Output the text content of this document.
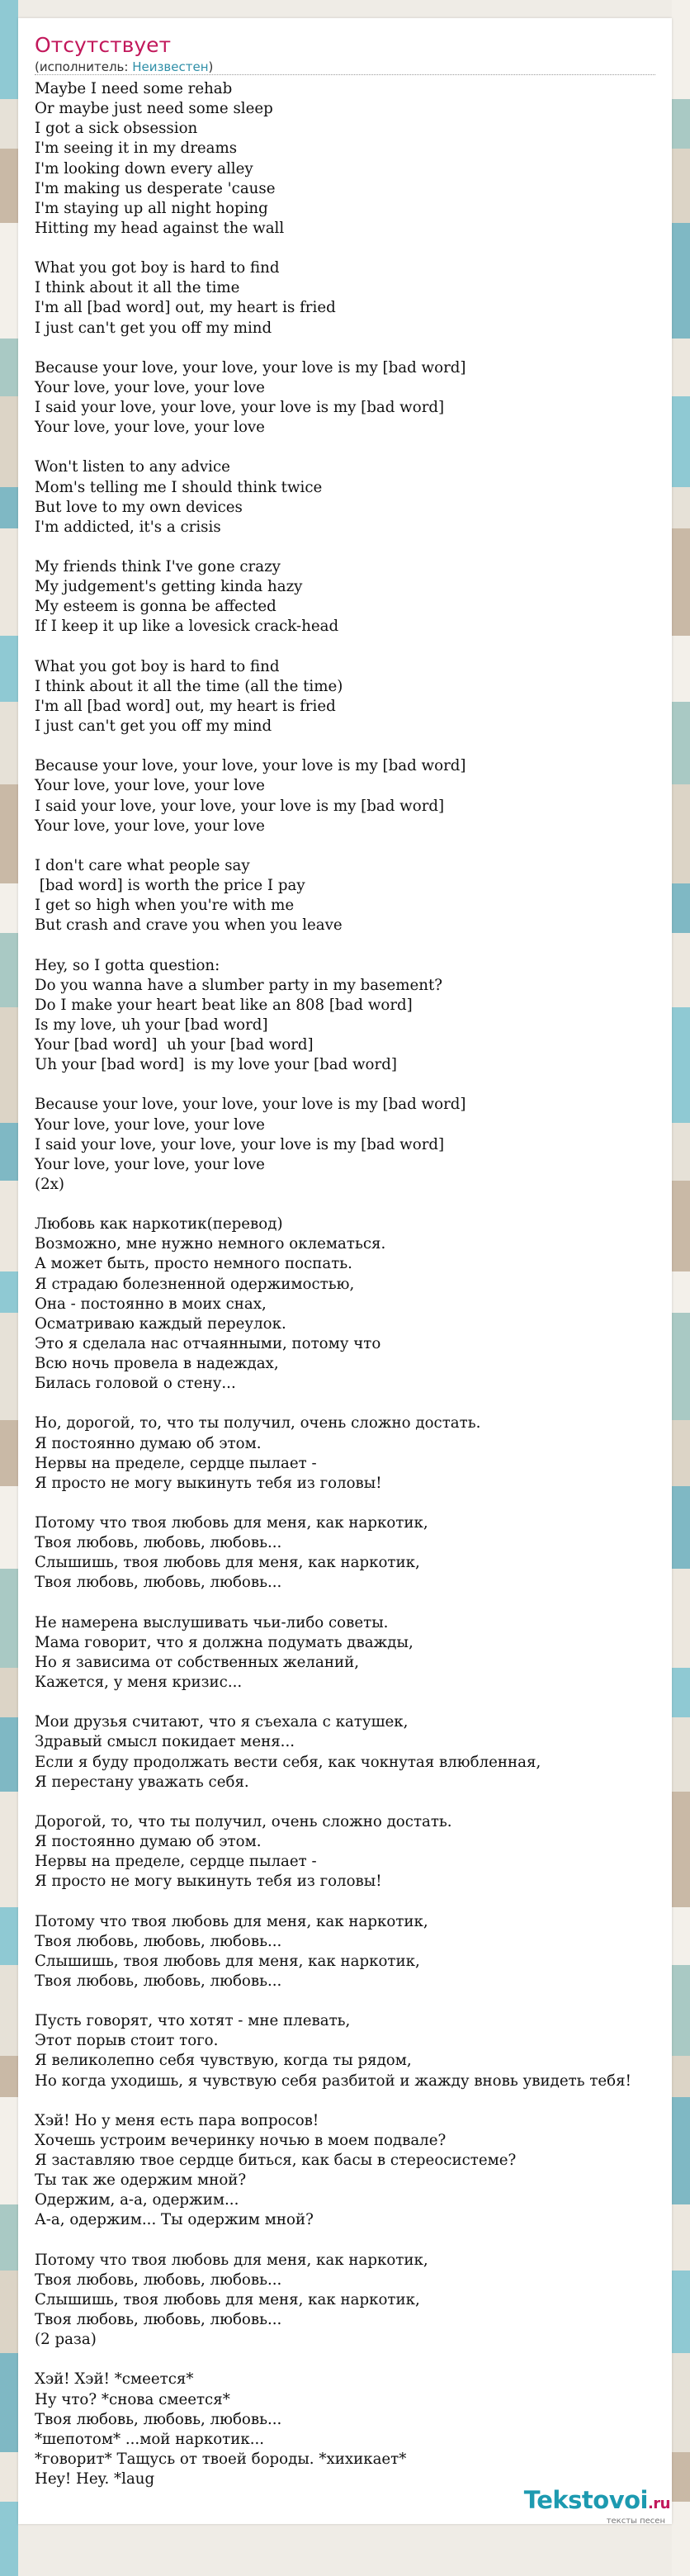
Отсутствует
(исполнитель: Неизвестен)
Maybe I need some rehab
Or maybe just need some sleep
I got a sick obsession
I'm seeing it in my dreams
I'm looking down every alley
I'm making us desperate 'cause
I'm staying up all night hoping
Hitting my head against the wall

What you got boy is hard to find
I think about it all the time
I'm all [bad word] out, my heart is fried
I just can't get you off my mind

Because your love, your love, your love is my [bad word]
Your love, your love, your love
I said your love, your love, your love is my [bad word]
Your love, your love, your love

Won't listen to any advice
Mom's telling me I should think twice
But love to my own devices
I'm addicted, it's a crisis

My friends think I've gone crazy
My judgement's getting kinda hazy
My esteem is gonna be affected
If I keep it up like a lovesick crack-head

What you got boy is hard to find
I think about it all the time (all the time)
I'm all [bad word] out, my heart is fried
I just can't get you off my mind

Because your love, your love, your love is my [bad word]
Your love, your love, your love
I said your love, your love, your love is my [bad word]
Your love, your love, your love

I don't care what people say
[bad word] is worth the price I pay
I get so high when you're with me
But crash and crave you when you leave

Hey, so I gotta question:
Do you wanna have a slumber party in my basement?
Do I make your heart beat like an 808 [bad word]
Is my love, uh your [bad word]
Your [bad word]  uh your [bad word]
Uh your [bad word]  is my love your [bad word]

Because your love, your love, your love is my [bad word]
Your love, your love, your love
I said your love, your love, your love is my [bad word]
Your love, your love, your love
(2x)

Любовь как наркотик(перевод)
Возможно, мне нужно немного оклематься.
А может быть, просто немного поспать.
Я страдаю болезненной одержимостью,
Она - постоянно в моих снах,
Осматриваю каждый переулок.
Это я сделала нас отчаянными, потому что
Всю ночь провела в надеждах,
Билась головой о стену...

Но, дорогой, то, что ты получил, очень сложно достать.
Я постоянно думаю об этом.
Нервы на пределе, сердце пылает -
Я просто не могу выкинуть тебя из головы!

Потому что твоя любовь для меня, как наркотик,
Твоя любовь, любовь, любовь...
Слышишь, твоя любовь для меня, как наркотик,
Твоя любовь, любовь, любовь...

Не намерена выслушивать чьи-либо советы.
Мама говорит, что я должна подумать дважды,
Но я зависима от собственных желаний,
Кажется, у меня кризис...

Мои друзья считают, что я съехала с катушек,
Здравый смысл покидает меня...
Если я буду продолжать вести себя, как чокнутая влюбленная,
Я перестану уважать себя.

Дорогой, то, что ты получил, очень сложно достать.
Я постоянно думаю об этом.
Нервы на пределе, сердце пылает -
Я просто не могу выкинуть тебя из головы!

Потому что твоя любовь для меня, как наркотик,
Твоя любовь, любовь, любовь...
Слышишь, твоя любовь для меня, как наркотик,
Твоя любовь, любовь, любовь...

Пусть говорят, что хотят - мне плевать,
Этот порыв стоит того.
Я великолепно себя чувствую, когда ты рядом,
Но когда уходишь, я чувствую себя разбитой и жажду вновь увидеть тебя!

Хэй! Но у меня есть пара вопросов!
Хочешь устроим вечеринку ночью в моем подвале?
Я заставляю твое сердце биться, как басы в стереосистеме?
Ты так же одержим мной?
Одержим, а-а, одержим...
А-а, одержим... Ты одержим мной?

Потому что твоя любовь для меня, как наркотик,
Твоя любовь, любовь, любовь...
Слышишь, твоя любовь для меня, как наркотик,
Твоя любовь, любовь, любовь...
(2 раза)

Хэй! Хэй! *смеется*
Ну что? *снова смеется*
Твоя любовь, любовь, любовь...
*шепотом* ...мой наркотик...
*говорит* Тащусь от твоей бороды. *хихикает*
Hey! Hey. *laug
Tekstovoi.ru
тексты песен
